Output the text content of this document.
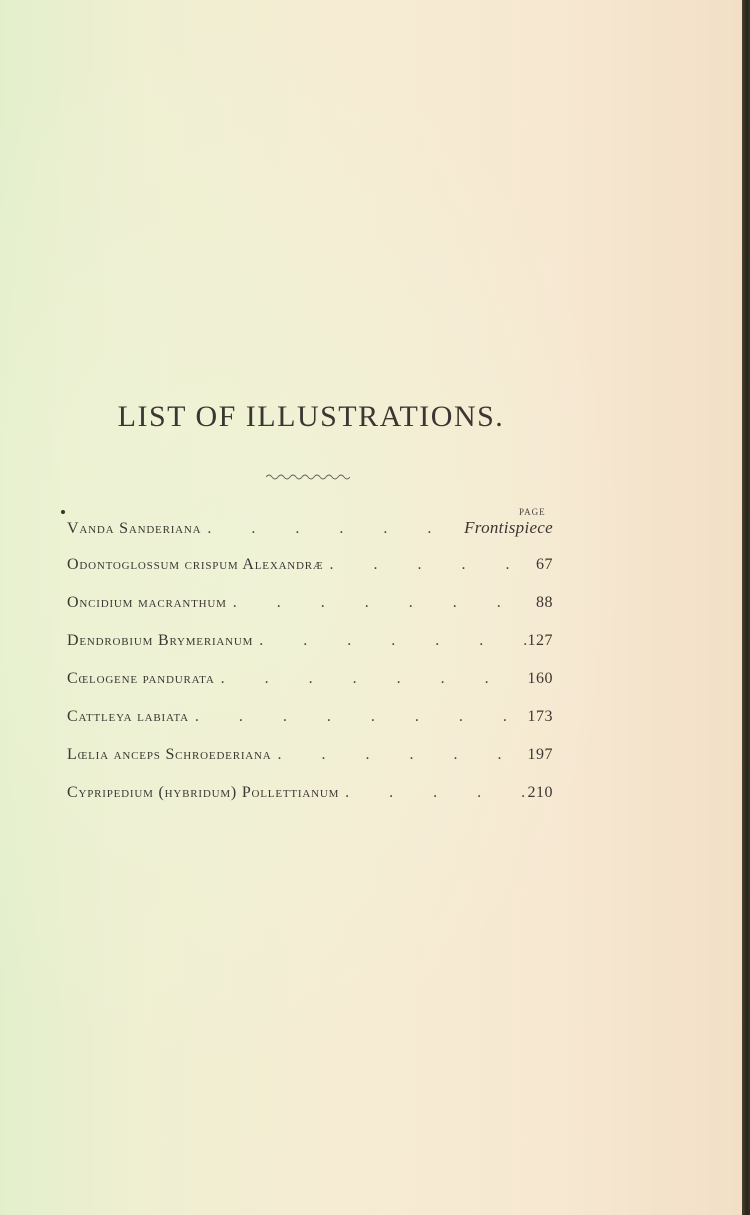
LIST OF ILLUSTRATIONS.
PAGE
Vanda Sanderiana .	Frontispiece
Odontoglossum crispum Alexandræ .	67
Oncidium macranthum .	88
Dendrobium Brymerianum .	127
Cœlogene pandurata .	160
Cattleya labiata .	173
Lœlia anceps Schroederiana .	197
Cypripedium (hybridum) Pollettianum .	210
